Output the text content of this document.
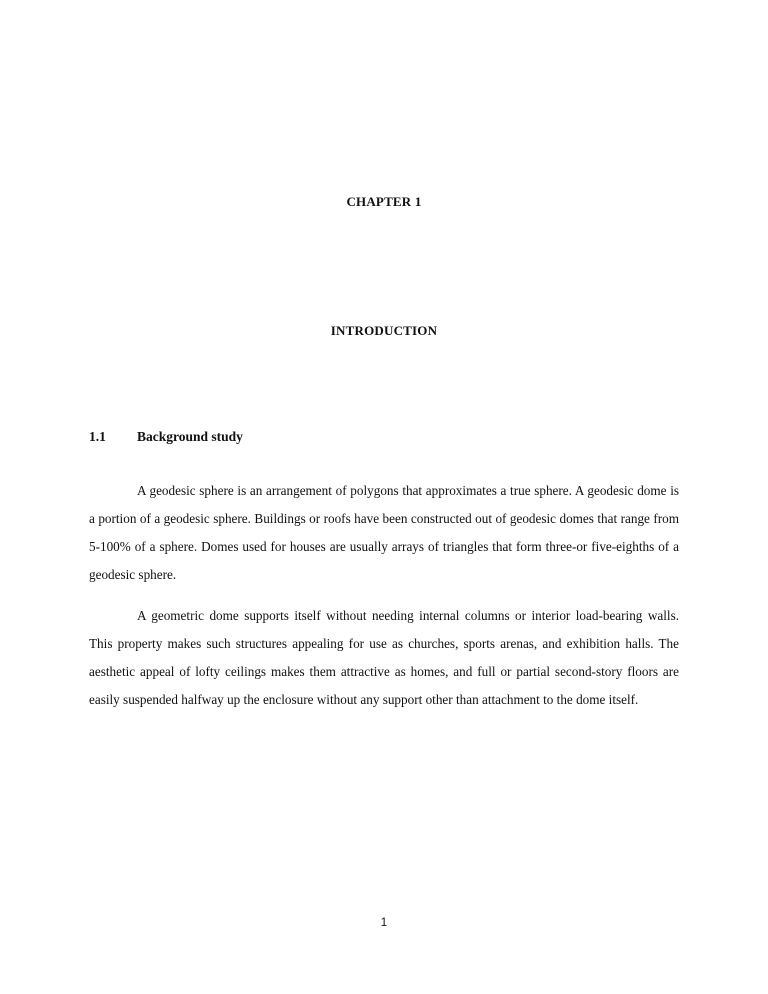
CHAPTER 1
INTRODUCTION
1.1 Background study

A geodesic sphere is an arrangement of polygons that approximates a true sphere. A geodesic dome is a portion of a geodesic sphere. Buildings or roofs have been constructed out of geodesic domes that range from 5-100% of a sphere. Domes used for houses are usually arrays of triangles that form three-or five-eighths of a geodesic sphere.

A geometric dome supports itself without needing internal columns or interior load-bearing walls. This property makes such structures appealing for use as churches, sports arenas, and exhibition halls. The aesthetic appeal of lofty ceilings makes them attractive as homes, and full or partial second-story floors are easily suspended halfway up the enclosure without any support other than attachment to the dome itself.

1
